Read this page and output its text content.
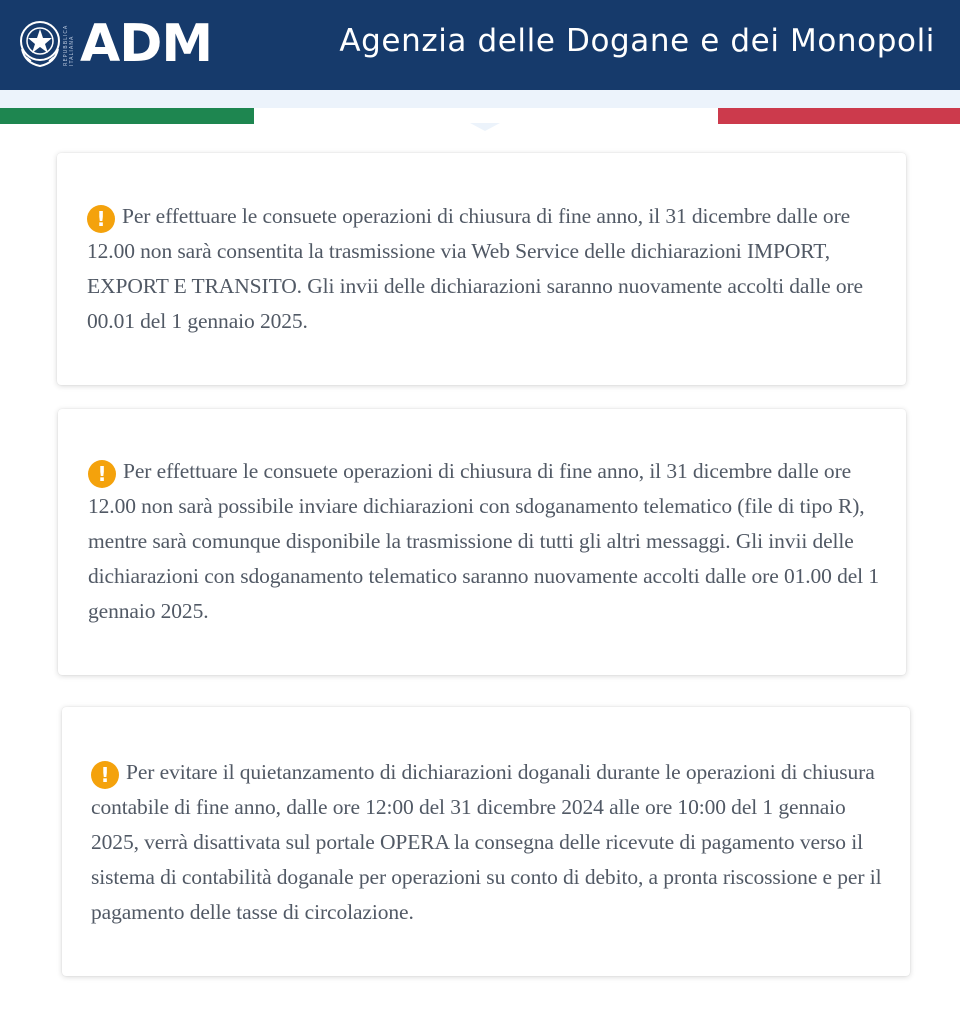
REPUBBLICA ITALIANA ADM	Agenzia delle Dogane e dei Monopoli

! Per effettuare le consuete operazioni di chiusura di fine anno, il 31 dicembre dalle ore 12.00 non sarà consentita la trasmissione via Web Service delle dichiarazioni IMPORT, EXPORT E TRANSITO. Gli invii delle dichiarazioni saranno nuovamente accolti dalle ore 00.01 del 1 gennaio 2025.

! Per effettuare le consuete operazioni di chiusura di fine anno, il 31 dicembre dalle ore 12.00 non sarà possibile inviare dichiarazioni con sdoganamento telematico (file di tipo R), mentre sarà comunque disponibile la trasmissione di tutti gli altri messaggi. Gli invii delle dichiarazioni con sdoganamento telematico saranno nuovamente accolti dalle ore 01.00 del 1 gennaio 2025.

! Per evitare il quietanzamento di dichiarazioni doganali durante le operazioni di chiusura contabile di fine anno, dalle ore 12:00 del 31 dicembre 2024 alle ore 10:00 del 1 gennaio 2025, verrà disattivata sul portale OPERA la consegna delle ricevute di pagamento verso il sistema di contabilità doganale per operazioni su conto di debito, a pronta riscossione e per il pagamento delle tasse di circolazione.
